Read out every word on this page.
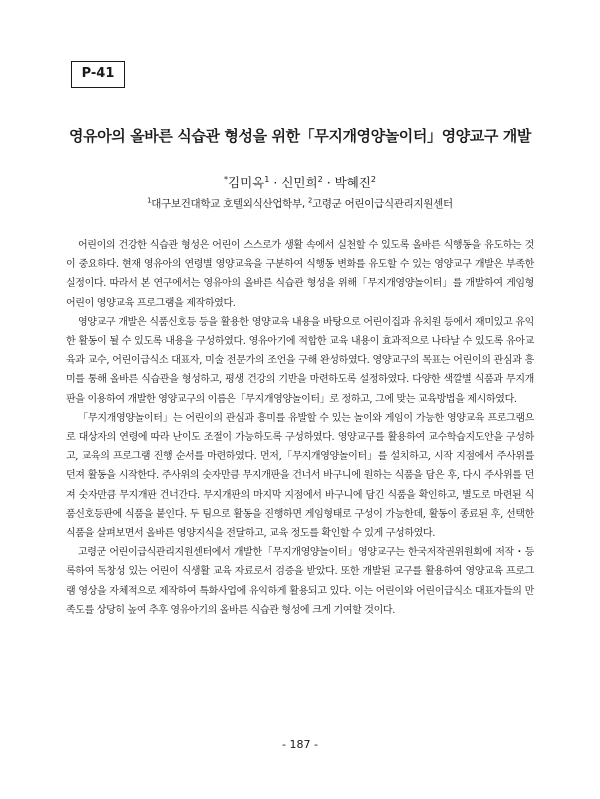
P-41
영유아의 올바른 식습관 형성을 위한「무지개영양놀이터」영양교구 개발
*김미옥$^1$ · 신민희$^2$ · 박혜진$^2$
$^1$대구보건대학교 호텔외식산업학부, $^2$고령군 어린이급식관리지원센터

어린이의 건강한 식습관 형성은 어린이 스스로가 생활 속에서 실천할 수 있도록 올바른 식행동을 유도하는 것이 중요하다. 현재 영유아의 연령별 영양교육을 구분하여 식행동 변화를 유도할 수 있는 영양교구 개발은 부족한 실정이다. 따라서 본 연구에서는 영유아의 올바른 식습관 형성을 위해「무지개영양놀이터」를 개발하여 게임형 어린이 영양교육 프로그램을 제작하였다.

영양교구 개발은 식품신호등 등을 활용한 영양교육 내용을 바탕으로 어린이집과 유치원 등에서 재미있고 유익한 활동이 될 수 있도록 내용을 구성하였다. 영유아기에 적합한 교육 내용이 효과적으로 나타날 수 있도록 유아교육과 교수, 어린이급식소 대표자, 미술 전문가의 조언을 구해 완성하였다. 영양교구의 목표는 어린이의 관심과 흥미를 통해 올바른 식습관을 형성하고, 평생 건강의 기반을 마련하도록 설정하였다. 다양한 색깔별 식품과 무지개판을 이용하여 개발한 영양교구의 이름은「무지개영양놀이터」로 정하고, 그에 맞는 교육방법을 제시하였다.

「무지개영양놀이터」는 어린이의 관심과 흥미를 유발할 수 있는 놀이와 게임이 가능한 영양교육 프로그램으로 대상자의 연령에 따라 난이도 조절이 가능하도록 구성하였다. 영양교구를 활용하여 교수학습지도안을 구성하고, 교육의 프로그램 진행 순서를 마련하였다. 먼저,「무지개영양놀이터」를 설치하고, 시작 지점에서 주사위를 던져 활동을 시작한다. 주사위의 숫자만큼 무지개판을 건너서 바구니에 원하는 식품을 담은 후, 다시 주사위를 던져 숫자만큼 무지개판 건너간다. 무지개판의 마지막 지점에서 바구니에 담긴 식품을 확인하고, 별도로 마련된 식품신호등판에 식품을 붙인다. 두 팀으로 활동을 진행하면 게임형태로 구성이 가능한데, 활동이 종료된 후, 선택한 식품을 살펴보면서 올바른 영양지식을 전달하고, 교육 정도를 확인할 수 있게 구성하였다.

고령군 어린이급식관리지원센터에서 개발한「무지개영양놀이터」영양교구는 한국저작권위원회에 저작・등록하여 독창성 있는 어린이 식생활 교육 자료로서 검증을 받았다. 또한 개발된 교구를 활용하여 영양교육 프로그램 영상을 자체적으로 제작하여 특화사업에 유익하게 활용되고 있다. 이는 어린이와 어린이급식소 대표자들의 만족도를 상당히 높여 추후 영유아기의 올바른 식습관 형성에 크게 기여할 것이다.

- 187 -
